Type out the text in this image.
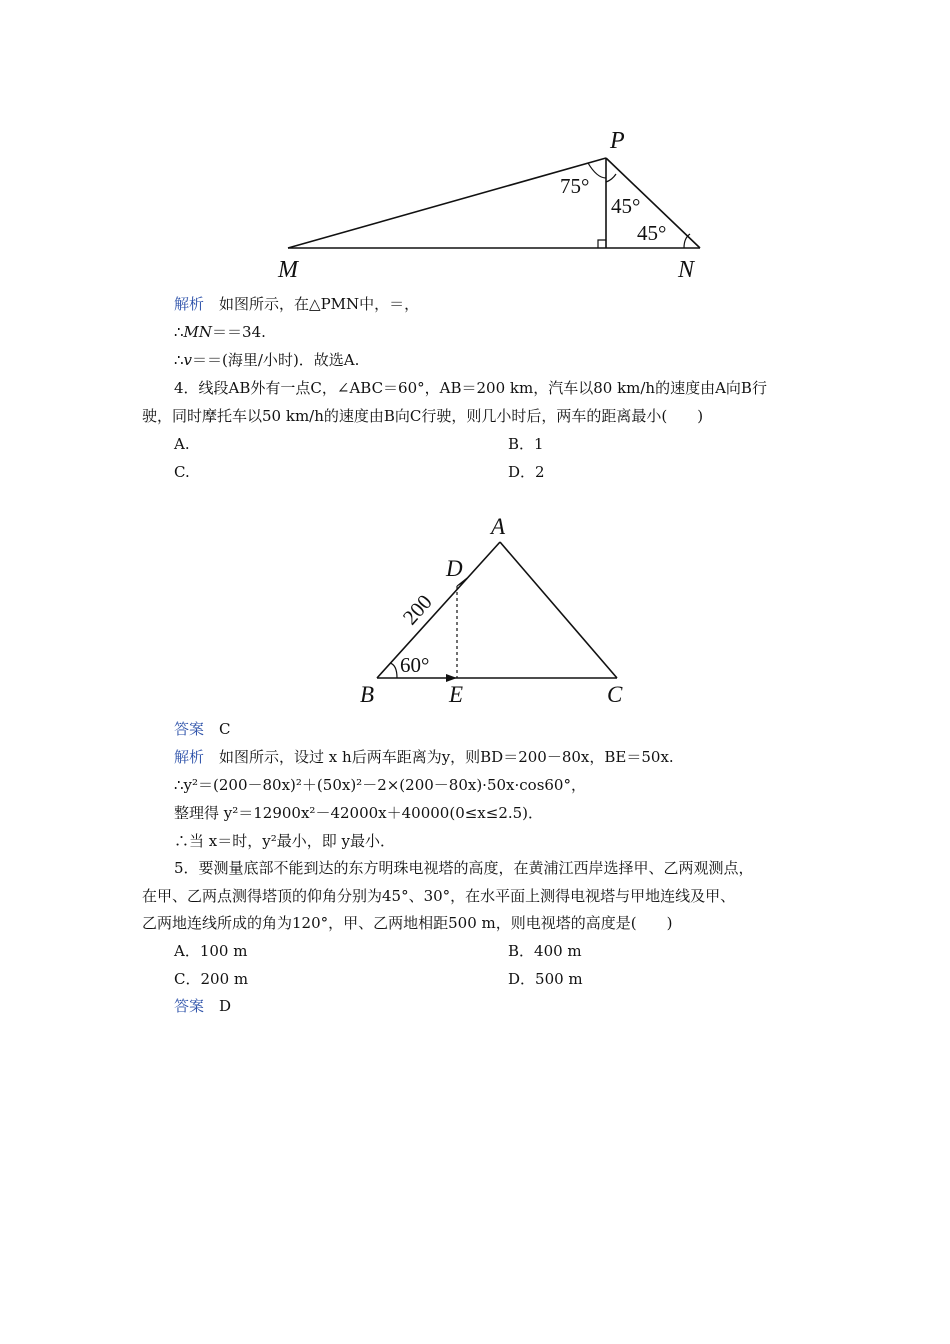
P
M	N
75°
45°
45°
解析　 如图所示，在△PMN中，＝，
∴MN＝＝34.
∴v＝＝(海里/小时)．故选A.
4．线段AB外有一点C，∠ABC＝60°，AB＝200 km，汽车以80 km/h的速度由A向B行
驶，同时摩托车以50 km/h的速度由B向C行驶，则几小时后，两车的距离最小(　　)
A.	B．1
C.	D．2
A
D
B	E	C
200
60°
答案　 C
解析　 如图所示，设过 x h后两车距离为y，则BD＝200－80x，BE＝50x.
∴y²＝(200－80x)²＋(50x)²－2×(200－80x)·50x·cos60°，
整理得 y²＝12900x²－42000x＋40000(0≤x≤2.5)．
∴当 x＝时，y²最小，即 y最小．
5．要测量底部不能到达的东方明珠电视塔的高度，在黄浦江西岸选择甲、乙两观测点，
在甲、乙两点测得塔顶的仰角分别为45°、30°，在水平面上测得电视塔与甲地连线及甲、
乙两地连线所成的角为120°，甲、乙两地相距500 m，则电视塔的高度是(　　)
A．100 m	B．400 m
C．200 m	D．500 m
答案　 D
